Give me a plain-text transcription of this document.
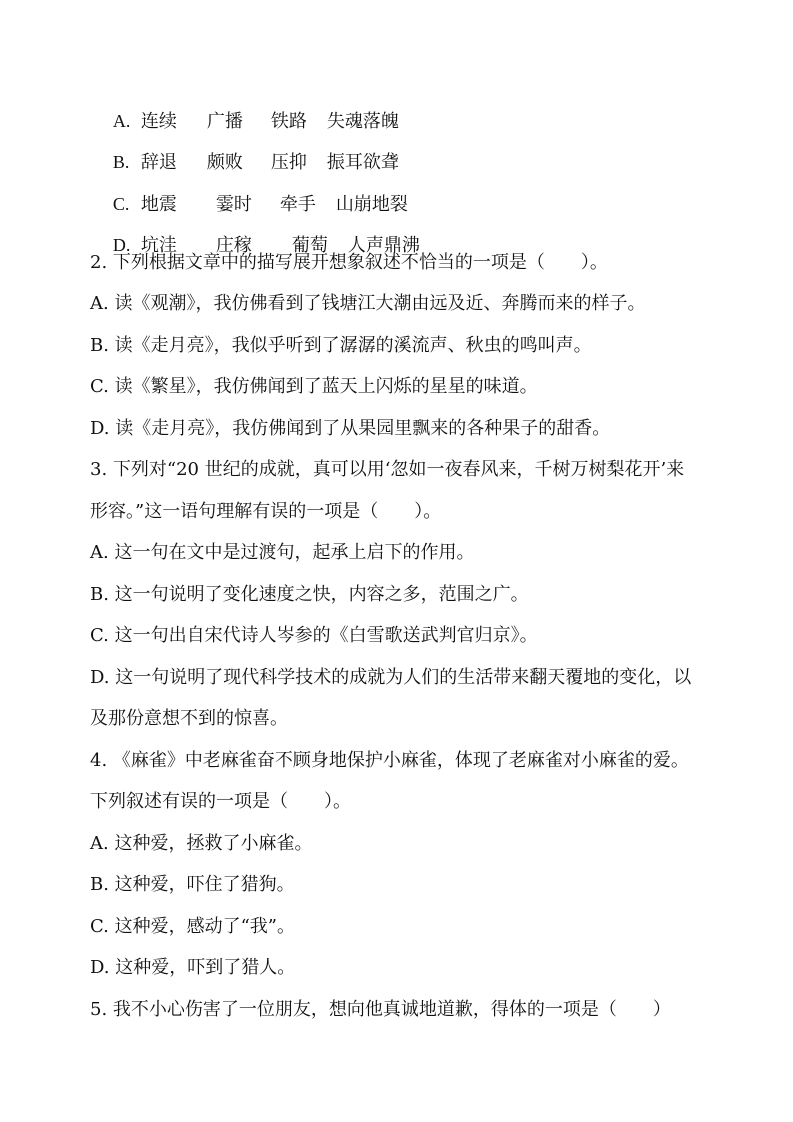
A. 连续 广播 铁路 失魂落魄

B. 辞退 颇败 压抑 振耳欲聋

C. 地震 霎时 牵手 山崩地裂

D. 坑洼 庄稼 葡萄 人声鼎沸

2. 下列根据文章中的描写展开想象叙述不恰当的一项是（　　）。
A. 读《观潮》，我仿佛看到了钱塘江大潮由远及近、奔腾而来的样子。
B. 读《走月亮》，我似乎听到了潺潺的溪流声、秋虫的鸣叫声。
C. 读《繁星》，我仿佛闻到了蓝天上闪烁的星星的味道。
D. 读《走月亮》，我仿佛闻到了从果园里飘来的各种果子的甜香。
3. 下列对“20 世纪的成就，真可以用‘忽如一夜春风来，千树万树梨花开’来
形容。”这一语句理解有误的一项是（　　）。
A. 这一句在文中是过渡句，起承上启下的作用。
B. 这一句说明了变化速度之快，内容之多，范围之广。
C. 这一句出自宋代诗人岑参的《白雪歌送武判官归京》。
D. 这一句说明了现代科学技术的成就为人们的生活带来翻天覆地的变化，以
及那份意想不到的惊喜。
4. 《麻雀》中老麻雀奋不顾身地保护小麻雀，体现了老麻雀对小麻雀的爱。
下列叙述有误的一项是（　　）。
A. 这种爱，拯救了小麻雀。
B. 这种爱，吓住了猎狗。
C. 这种爱，感动了“我”。
D. 这种爱，吓到了猎人。
5. 我不小心伤害了一位朋友，想向他真诚地道歉，得体的一项是（　　）
